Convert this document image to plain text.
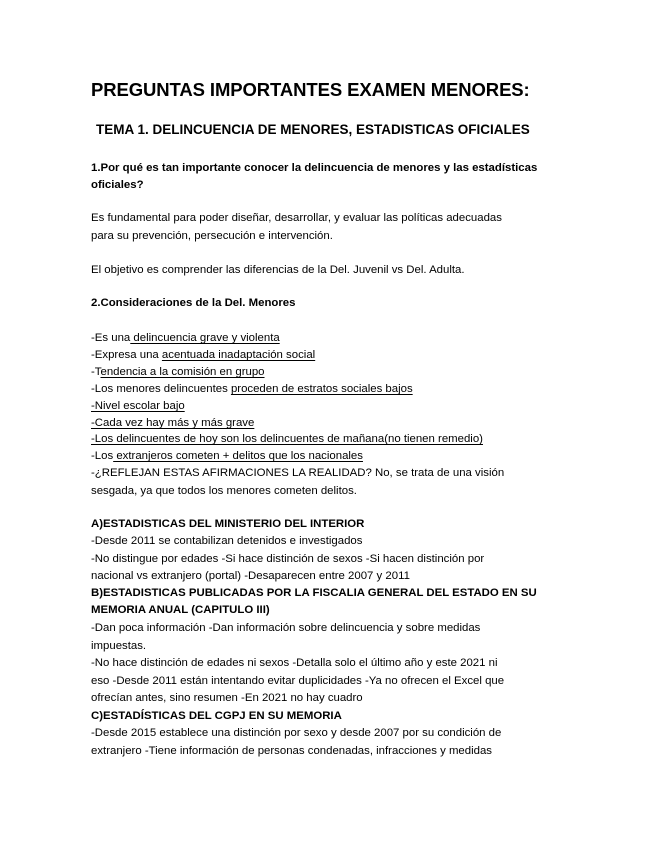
PREGUNTAS IMPORTANTES EXAMEN MENORES:
TEMA 1. DELINCUENCIA DE MENORES, ESTADISTICAS OFICIALES
1.Por qué es tan importante conocer la delincuencia de menores y las estadísticas
oficiales?
Es fundamental para poder diseñar, desarrollar, y evaluar las políticas adecuadas
para su prevención, persecución e intervención.
El objetivo es comprender las diferencias de la Del. Juvenil vs Del. Adulta.
2.Consideraciones de la Del. Menores
-Es una delincuencia grave y violenta
-Expresa una acentuada inadaptación social
-Tendencia a la comisión en grupo
-Los menores delincuentes proceden de estratos sociales bajos
-Nivel escolar bajo
-Cada vez hay más y más grave
-Los delincuentes de hoy son los delincuentes de mañana(no tienen remedio)
-Los extranjeros cometen + delitos que los nacionales
-¿REFLEJAN ESTAS AFIRMACIONES LA REALIDAD? No, se trata de una visión
sesgada, ya que todos los menores cometen delitos.
A)ESTADISTICAS DEL MINISTERIO DEL INTERIOR
-Desde 2011 se contabilizan detenidos e investigados
-No distingue por edades -Si hace distinción de sexos -Si hacen distinción por
nacional vs extranjero (portal) -Desaparecen entre 2007 y 2011
B)ESTADISTICAS PUBLICADAS POR LA FISCALIA GENERAL DEL ESTADO EN SU
MEMORIA ANUAL (CAPITULO III)
-Dan poca información -Dan información sobre delincuencia y sobre medidas
impuestas.
-No hace distinción de edades ni sexos -Detalla solo el último año y este 2021 ni
eso -Desde 2011 están intentando evitar duplicidades -Ya no ofrecen el Excel que
ofrecían antes, sino resumen -En 2021 no hay cuadro
C)ESTADÍSTICAS DEL CGPJ EN SU MEMORIA
-Desde 2015 establece una distinción por sexo y desde 2007 por su condición de
extranjero -Tiene información de personas condenadas, infracciones y medidas
